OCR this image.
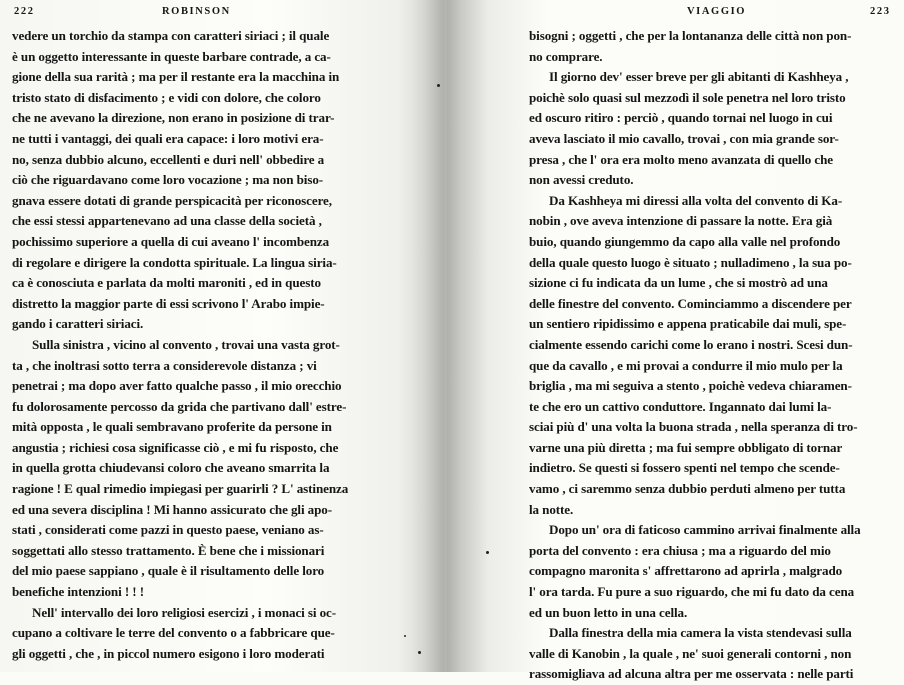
222	ROBINSON
vedere un torchio da stampa con caratteri siriaci ; il quale
è un oggetto interessante in queste barbare contrade, a ca-
gione della sua rarità ; ma per il restante era la macchina in
tristo stato di disfacimento ; e vidi con dolore, che coloro
che ne avevano la direzione, non erano in posizione di trar-
ne tutti i vantaggi, dei quali era capace: i loro motivi era-
no, senza dubbio alcuno, eccellenti e duri nell' obbedire a
ciò che riguardavano come loro vocazione ; ma non biso-
gnava essere dotati di grande perspicacità per riconoscere,
che essi stessi appartenevano ad una classe della società ,
pochissimo superiore a quella di cui aveano l' incombenza
di regolare e dirigere la condotta spirituale. La lingua siria-
ca è conosciuta e parlata da molti maroniti , ed in questo
distretto la maggior parte di essi scrivono l' Arabo impie-
gando i caratteri siriaci.
Sulla sinistra , vicino al convento , trovai una vasta grot-
ta , che inoltrasi sotto terra a considerevole distanza ; vi
penetrai ; ma dopo aver fatto qualche passo , il mio orecchio
fu dolorosamente percosso da grida che partivano dall' estre-
mità opposta , le quali sembravano proferite da persone in
angustia ; richiesi cosa significasse ciò , e mi fu risposto, che
in quella grotta chiudevansi coloro che aveano smarrita la
ragione ! E qual rimedio impiegasi per guarirli ? L' astinenza
ed una severa disciplina ! Mi hanno assicurato che gli apo-
stati , considerati come pazzi in questo paese, veniano as-
soggettati allo stesso trattamento. È bene che i missionari
del mio paese sappiano , quale è il risultamento delle loro
benefiche intenzioni ! ! !
Nell' intervallo dei loro religiosi esercizi , i monaci si oc-
cupano a coltivare le terre del convento o a fabbricare que-
gli oggetti , che , in piccol numero esigono i loro moderati
VIAGGIO	223
bisogni ; oggetti , che per la lontananza delle città non pon-
no comprare.
Il giorno dev' esser breve per gli abitanti di Kashheya ,
poichè solo quasi sul mezzodì il sole penetra nel loro tristo
ed oscuro ritiro : perciò , quando tornai nel luogo in cui
aveva lasciato il mio cavallo, trovai , con mia grande sor-
presa , che l' ora era molto meno avanzata di quello che
non avessi creduto.
Da Kashheya mi diressi alla volta del convento di Ka-
nobin , ove aveva intenzione di passare la notte. Era già
buio, quando giungemmo da capo alla valle nel profondo
della quale questo luogo è situato ; nulladimeno , la sua po-
sizione ci fu indicata da un lume , che si mostrò ad una
delle finestre del convento. Cominciammo a discendere per
un sentiero ripidissimo e appena praticabile dai muli, spe-
cialmente essendo carichi come lo erano i nostri. Scesi dun-
que da cavallo , e mi provai a condurre il mio mulo per la
briglia , ma mi seguiva a stento , poichè vedeva chiaramen-
te che ero un cattivo conduttore. Ingannato dai lumi la-
sciai più d' una volta la buona strada , nella speranza di tro-
varne una più diretta ; ma fui sempre obbligato di tornar
indietro. Se questi si fossero spenti nel tempo che scende-
vamo , ci saremmo senza dubbio perduti almeno per tutta
la notte.
Dopo un' ora di faticoso cammino arrivai finalmente alla
porta del convento : era chiusa ; ma a riguardo del mio
compagno maronita s' affrettarono ad aprirla , malgrado
l' ora tarda. Fu pure a suo riguardo, che mi fu dato da cena
ed un buon letto in una cella.
Dalla finestra della mia camera la vista stendevasi sulla
valle di Kanobin , la quale , ne' suoi generali contorni , non
rassomigliava ad alcuna altra per me osservata : nelle parti
